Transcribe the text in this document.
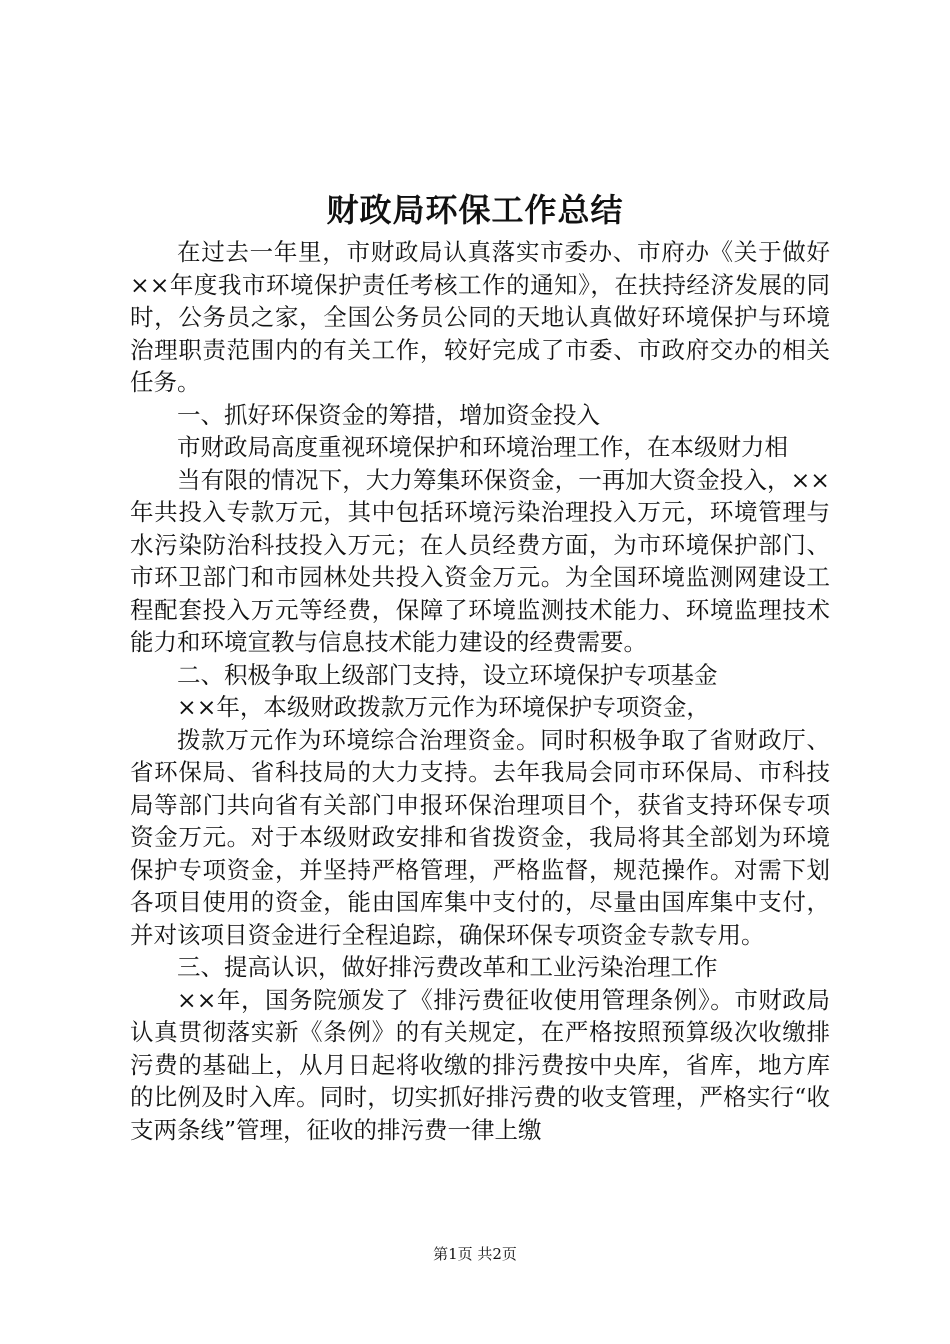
财政局环保工作总结

在过去一年里，市财政局认真落实市委办、市府办《关于做好××年度我市环境保护责任考核工作的通知》，在扶持经济发展的同时，公务员之家，全国公务员公同的天地认真做好环境保护与环境治理职责范围内的有关工作，较好完成了市委、市政府交办的相关任务。

一、抓好环保资金的筹措，增加资金投入

市财政局高度重视环境保护和环境治理工作，在本级财力相

当有限的情况下，大力筹集环保资金，一再加大资金投入，××年共投入专款万元，其中包括环境污染治理投入万元，环境管理与水污染防治科技投入万元；在人员经费方面，为市环境保护部门、市环卫部门和市园林处共投入资金万元。为全国环境监测网建设工程配套投入万元等经费，保障了环境监测技术能力、环境监理技术能力和环境宣教与信息技术能力建设的经费需要。

二、积极争取上级部门支持，设立环境保护专项基金

××年，本级财政拨款万元作为环境保护专项资金，

拨款万元作为环境综合治理资金。同时积极争取了省财政厅、省环保局、省科技局的大力支持。去年我局会同市环保局、市科技局等部门共向省有关部门申报环保治理项目个，获省支持环保专项资金万元。对于本级财政安排和省拨资金，我局将其全部划为环境保护专项资金，并坚持严格管理，严格监督，规范操作。对需下划各项目使用的资金，能由国库集中支付的，尽量由国库集中支付，并对该项目资金进行全程追踪，确保环保专项资金专款专用。

三、提高认识，做好排污费改革和工业污染治理工作

××年，国务院颁发了《排污费征收使用管理条例》。市财政局认真贯彻落实新《条例》的有关规定，在严格按照预算级次收缴排污费的基础上，从月日起将收缴的排污费按中央库，省库，地方库的比例及时入库。同时，切实抓好排污费的收支管理，严格实行“收支两条线”管理，征收的排污费一律上缴

第1页 共2页
